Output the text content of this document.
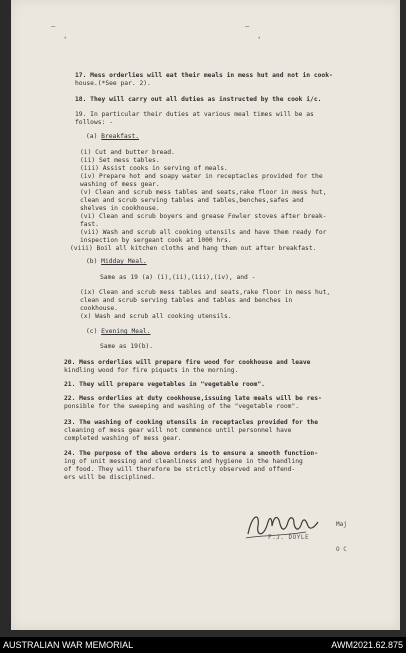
–
‘
–
‘
17. Mess orderlies will eat their meals in mess hut and not in cook-
house.(*See par. 2).
18. They will carry out all duties as instructed by the cook i/c.
19. In particular their duties at various meal times will be as
follows: -
(a) Breakfast.
(i) Cut and butter bread.
(ii) Set mess tables.
(iii) Assist cooks in serving of meals.
(iv) Prepare hot and soapy water in receptacles provided for the
washing of mess gear.
(v) Clean and scrub mess tables and seats,rake floor in mess hut,
clean and scrub serving tables and tables,benches,safes and
shelves in cookhouse.
(vi) Clean and scrub boyers and grease Fowler stoves after break-
fast.
(vii) Wash and scrub all cooking utensils and have them ready for
inspection by sergeant cook at 1000 hrs.
(viii) Boil all kitchen cloths and hang them out after breakfast.
(b) Midday Meal.
Same as 19 (a) (i),(ii),(iii),(iv), and -
(ix) Clean and scrub mess tables and seats,rake floor in mess hut,
clean and scrub serving tables and tables and benches in
cookhouse.
(x) Wash and scrub all cooking utensils.
(c) Evening Meal.
Same as 19(b).
20. Mess orderlies will prepare fire wood for cookhouse and leave
kindling wood for fire piquets in the morning.
21. They will prepare vegetables in "vegetable room".
22. Mess orderlies at duty cookhouse,issuing late meals will be res-
ponsible for the sweeping and washing of the "vegetable room".
23. The washing of cooking utensils in receptacles provided for the
cleaning of mess gear will not commence until personnel have
completed washing of mess gear.
24. The purpose of the above orders is to ensure a smooth function-
ing of unit messing and cleanliness and hygiene in the handling
of food. They will therefore be strictly observed and offend-
ers will be disciplined.
Maj
F.J. DOYLE
O C
AUSTRALIAN WAR MEMORIAL	AWM2021.62.875
